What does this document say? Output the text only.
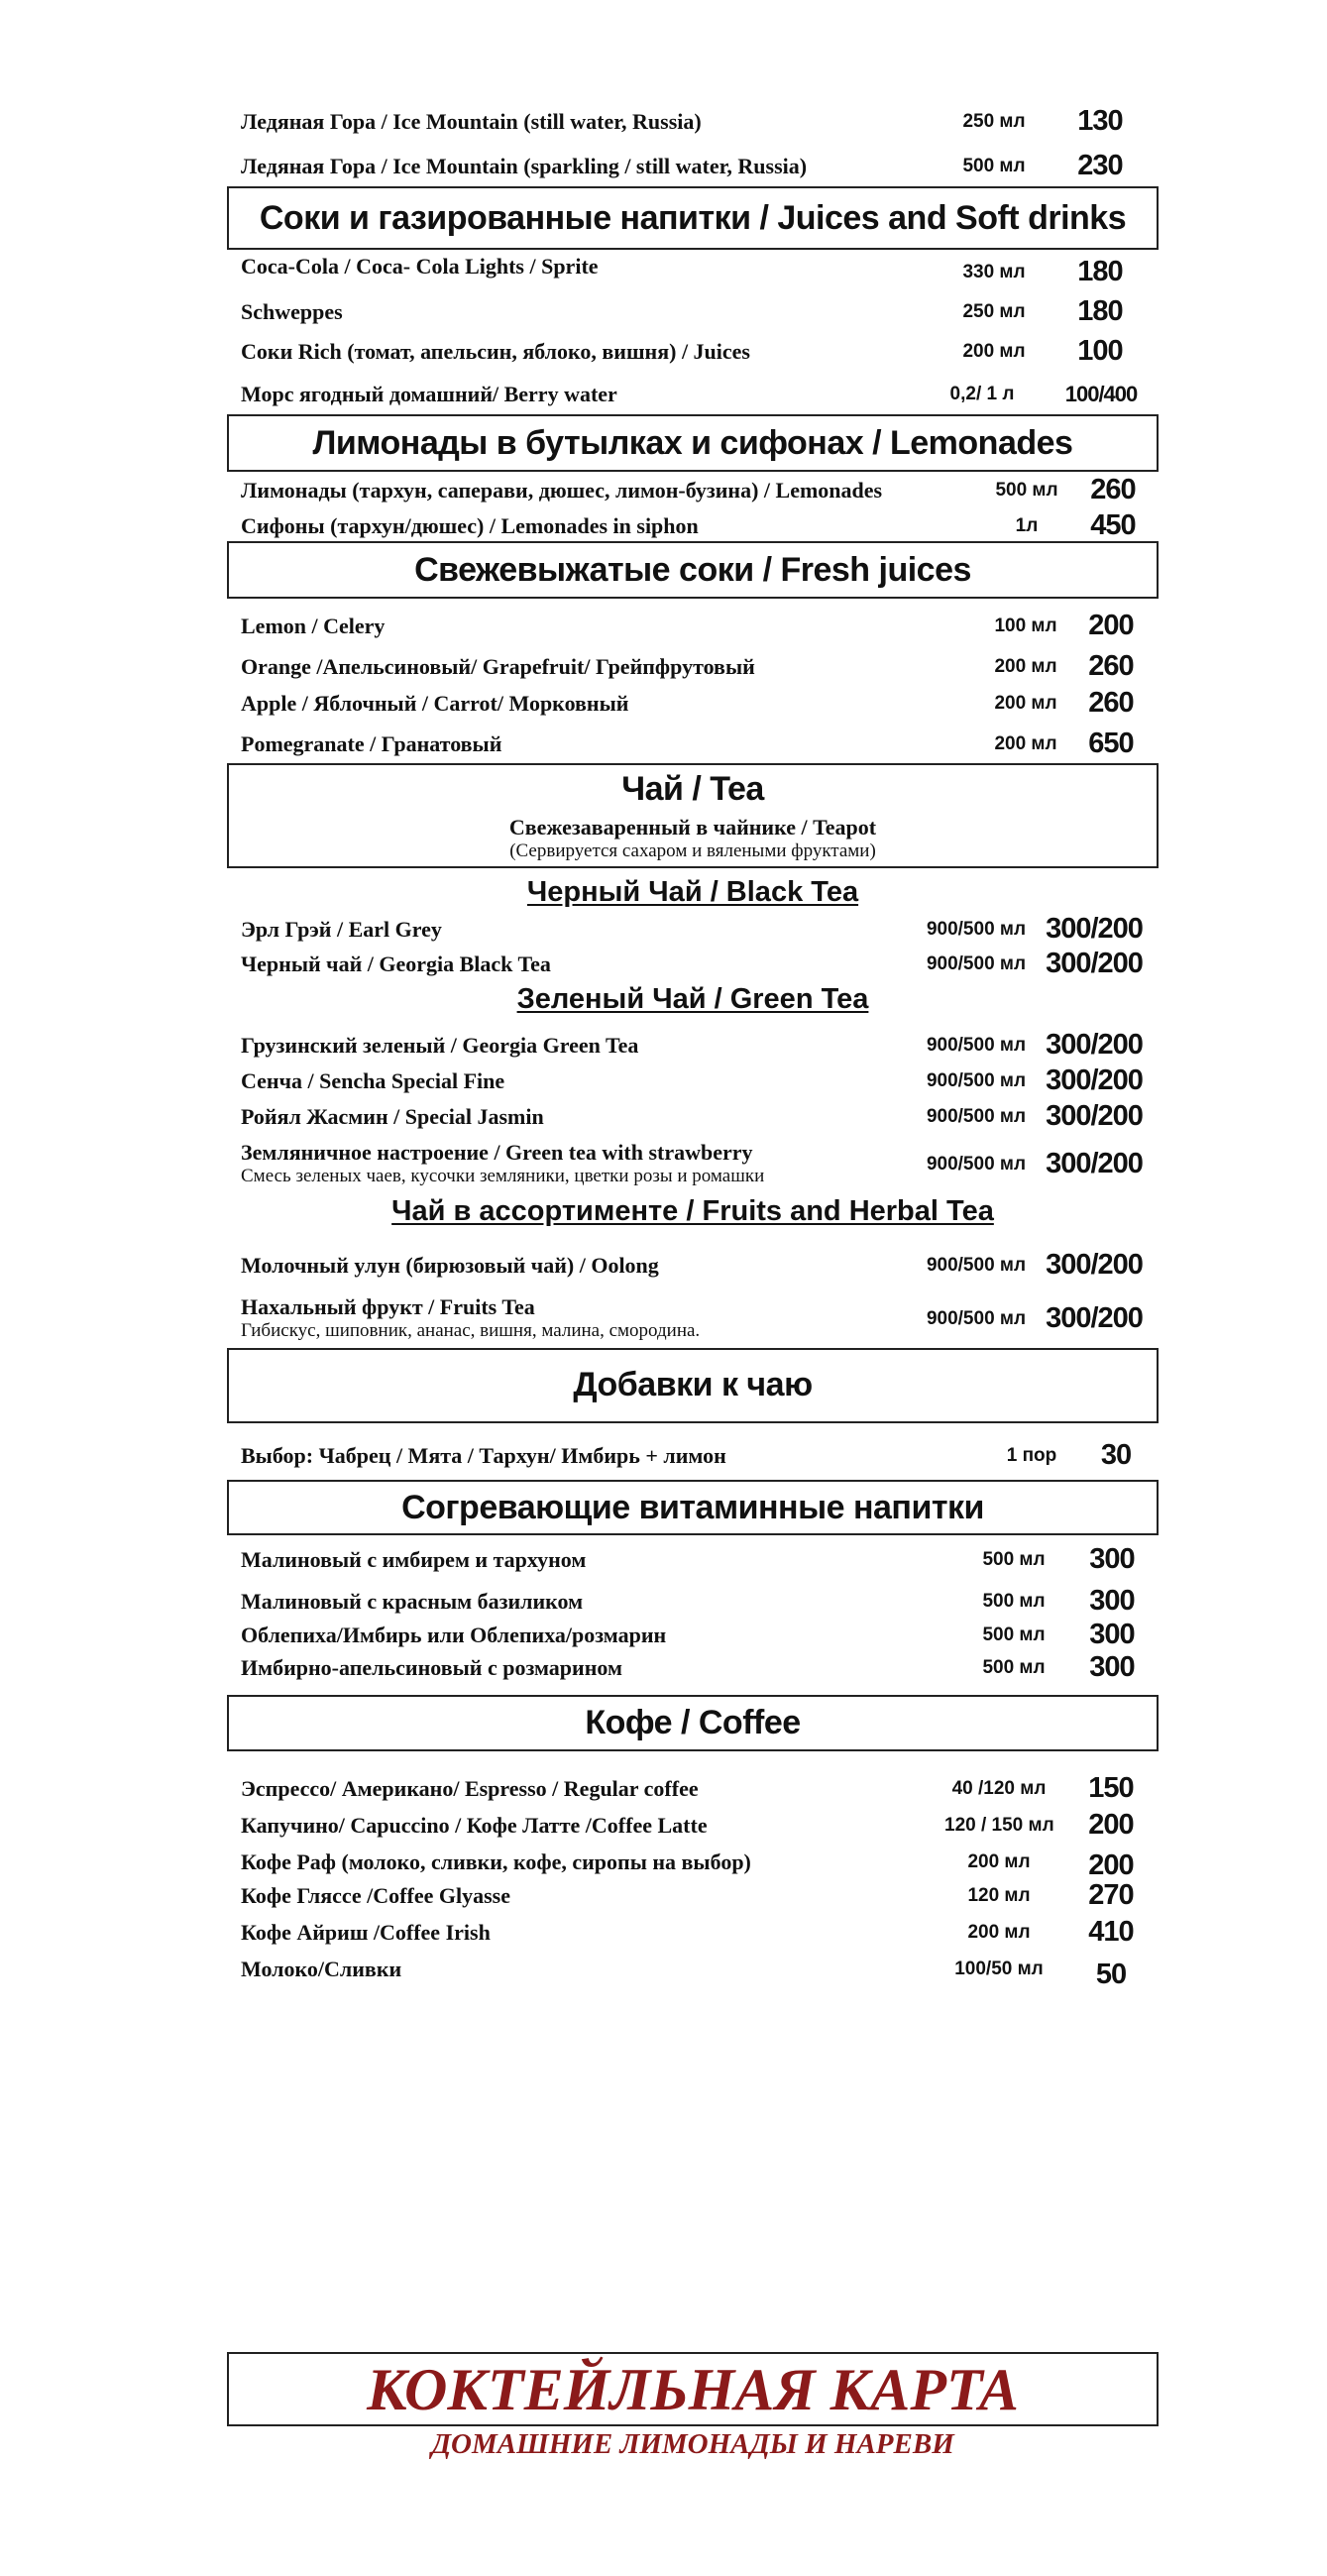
Ледяная Гора / Ice Mountain (still water, Russia)	250 мл	130
Ледяная Гора / Ice Mountain (sparkling / still water, Russia)	500 мл	230
Соки и газированные напитки / Juices and Soft drinks
Coca-Cola / Coca- Cola Lights / Sprite	330 мл	180
Schweppes	250 мл	180
Соки Rich (томат, апельсин, яблоко, вишня) / Juices	200 мл	100
Морс ягодный домашний/ Berry water	0,2/ 1 л	100/400
Лимонады в бутылках и сифонах / Lemonades
Лимонады (тархун, саперави, дюшес, лимон-бузина) / Lemonades	500 мл	260
Сифоны (тархун/дюшес) / Lemonades in siphon	1л	450
Свежевыжатые соки / Fresh juices
Lemon / Celery	100 мл	200
Orange /Апельсиновый/ Grapefruit/ Грейпфрутовый	200 мл	260
Apple / Яблочный / Carrot/ Морковный	200 мл	260
Pomegranate / Гранатовый	200 мл	650
Чай / Tea
Свежезаваренный в чайнике / Teapot
(Сервируется сахаром и вялеными фруктами)
Черный Чай / Black Tea
Эрл Грэй / Earl Grey	900/500 мл 300/200
Черный чай / Georgia Black Tea	900/500 мл 300/200
Зеленый Чай / Green Tea
Грузинский зеленый / Georgia Green Tea	900/500 мл 300/200
Сенча / Sencha Special Fine	900/500 мл 300/200
Ройял Жасмин / Special Jasmin	900/500 мл 300/200
Земляничное настроение / Green tea with strawberry
Смесь зеленых чаев, кусочки земляники, цветки розы и ромашки
900/500 мл 300/200
Чай в ассортименте / Fruits and Herbal Tea
Молочный улун (бирюзовый чай) / Oolong	900/500 мл 300/200
Нахальный фрукт / Fruits Tea
Гибискус, шиповник, ананас, вишня, малина, смородина.
900/500 мл 300/200
Добавки к чаю
Выбор: Чабрец / Мята / Тархун/ Имбирь + лимон	1 пор	30
Согревающие витаминные напитки
Малиновый с имбирем и тархуном	500 мл	300
Малиновый с красным базиликом	500 мл	300
Облепиха/Имбирь или Облепиха/розмарин	500 мл	300
Имбирно-апельсиновый с розмарином	500 мл	300
Кофе / Coffee
Эспрессо/ Американо/ Espresso / Regular coffee	40 /120 мл	150
Капучино/ Capuccino / Кофе Латте /Coffee Latte	120 / 150 мл	200
Кофе Раф (молоко, сливки, кофе, сиропы на выбор)	200 мл	200
Кофе Гляссе /Coffee Glyasse	120 мл	270
Кофе Айриш /Coffee Irish	200 мл	410
Молоко/Сливки	100/50 мл	50
КОКТЕЙЛЬНАЯ КАРТА
ДОМАШНИЕ ЛИМОНАДЫ И НАРЕВИ
